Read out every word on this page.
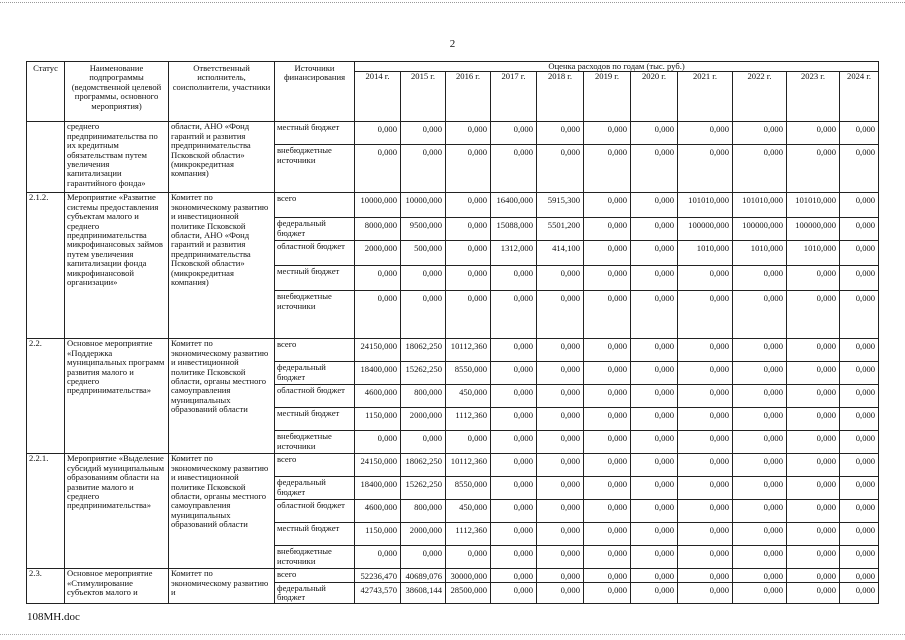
2
Статус	Наименование подпрограммы (ведомственной целевой программы, основного мероприятия)	Ответственный исполнитель, соисполнители, участники	Источники финансирования	Оценка расходов по годам (тыс. руб.)										
				2014 г.	2015 г.	2016 г.	2017 г.	2018 г.	2019 г.	2020 г.	2021 г.	2022 г.	2023 г.	2024 г.
	среднего предпринимательства по их кредитным обязательствам путем увеличения капитализации гарантийного фонда»	области, АНО «Фонд гарантий и развития предпринимательства Псковской области» (микрокредитная компания)	местный бюджет	0,000	0,000	0,000	0,000	0,000	0,000	0,000	0,000	0,000	0,000	0,000
			внебюджетные источники	0,000	0,000	0,000	0,000	0,000	0,000	0,000	0,000	0,000	0,000	0,000
2.1.2.	Мероприятие «Развитие системы предоставления субъектам малого и среднего предпринимательства микрофинансовых займов путем увеличения капитализации фонда микрофинансовой организации»	Комитет по экономическому развитию и инвестиционной политике Псковской области, АНО «Фонд гарантий и развития предпринимательства Псковской области» (микрокредитная компания)	всего	10000,000	10000,000	0,000	16400,000	5915,300	0,000	0,000	101010,000	101010,000	101010,000	0,000
			федеральный бюджет	8000,000	9500,000	0,000	15088,000	5501,200	0,000	0,000	100000,000	100000,000	100000,000	0,000
			областной бюджет	2000,000	500,000	0,000	1312,000	414,100	0,000	0,000	1010,000	1010,000	1010,000	0,000
			местный бюджет	0,000	0,000	0,000	0,000	0,000	0,000	0,000	0,000	0,000	0,000	0,000
			внебюджетные источники	0,000	0,000	0,000	0,000	0,000	0,000	0,000	0,000	0,000	0,000	0,000
2.2.	Основное мероприятие «Поддержка муниципальных программ развития малого и среднего предпринимательства»	Комитет по экономическому развитию и инвестиционной политике Псковской области, органы местного самоуправления муниципальных образований области	всего	24150,000	18062,250	10112,360	0,000	0,000	0,000	0,000	0,000	0,000	0,000	0,000
			федеральный бюджет	18400,000	15262,250	8550,000	0,000	0,000	0,000	0,000	0,000	0,000	0,000	0,000
			областной бюджет	4600,000	800,000	450,000	0,000	0,000	0,000	0,000	0,000	0,000	0,000	0,000
			местный бюджет	1150,000	2000,000	1112,360	0,000	0,000	0,000	0,000	0,000	0,000	0,000	0,000
			внебюджетные источники	0,000	0,000	0,000	0,000	0,000	0,000	0,000	0,000	0,000	0,000	0,000
2.2.1.	Мероприятие «Выделение субсидий муниципальным образованиям области на развитие малого и среднего предпринимательства»	Комитет по экономическому развитию и инвестиционной политике Псковской области, органы местного самоуправления муниципальных образований области	всего	24150,000	18062,250	10112,360	0,000	0,000	0,000	0,000	0,000	0,000	0,000	0,000
			федеральный бюджет	18400,000	15262,250	8550,000	0,000	0,000	0,000	0,000	0,000	0,000	0,000	0,000
			областной бюджет	4600,000	800,000	450,000	0,000	0,000	0,000	0,000	0,000	0,000	0,000	0,000
			местный бюджет	1150,000	2000,000	1112,360	0,000	0,000	0,000	0,000	0,000	0,000	0,000	0,000
			внебюджетные источники	0,000	0,000	0,000	0,000	0,000	0,000	0,000	0,000	0,000	0,000	0,000
2.3.	Основное мероприятие «Стимулирование субъектов малого и	Комитет по экономическому развитию и	всего	52236,470	40689,076	30000,000	0,000	0,000	0,000	0,000	0,000	0,000	0,000	0,000
			федеральный бюджет	42743,570	38608,144	28500,000	0,000	0,000	0,000	0,000	0,000	0,000	0,000	0,000
108МН.doc
